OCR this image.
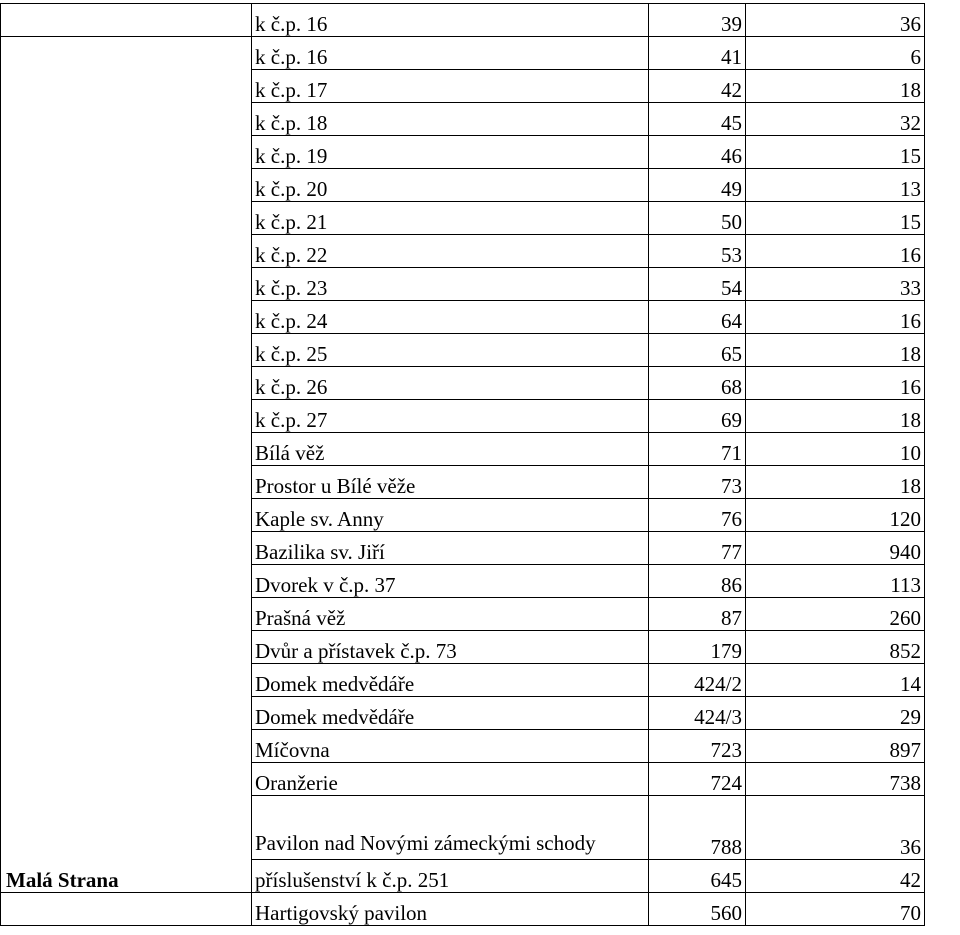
	k č.p. 16	39	36
	k č.p. 16	41	6
	k č.p. 17	42	18
	k č.p. 18	45	32
	k č.p. 19	46	15
	k č.p. 20	49	13
	k č.p. 21	50	15
	k č.p. 22	53	16
	k č.p. 23	54	33
	k č.p. 24	64	16
	k č.p. 25	65	18
	k č.p. 26	68	16
	k č.p. 27	69	18
	Bílá věž	71	10
	Prostor u Bílé věže	73	18
	Kaple sv. Anny	76	120
	Bazilika sv. Jiří	77	940
	Dvorek v č.p. 37	86	113
	Prašná věž	87	260
	Dvůr a přístavek č.p. 73	179	852
	Domek medvědáře	424/2	14
	Domek medvědáře	424/3	29
	Míčovna	723	897
	Oranžerie	724	738
	Pavilon nad Novými zámeckými schody	788	36
Malá Strana	příslušenství k č.p. 251	645	42
	Hartigovský pavilon	560	70
